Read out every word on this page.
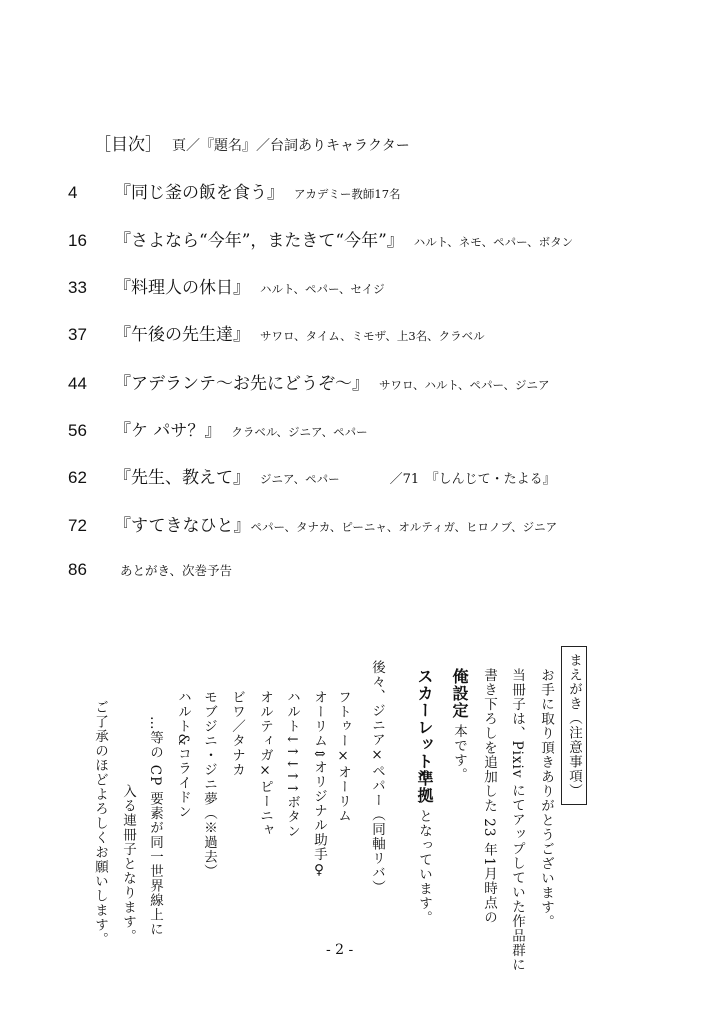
［目次］ 頁／『題名』／台詞ありキャラクター
4	『同じ釜の飯を食う』 アカデミー教師17名
16	『さよなら“今年”，またきて“今年”』 ハルト、ネモ、ペパー、ボタン
33	『料理人の休日』 ハルト、ペパー、セイジ
37	『午後の先生達』 サワロ、タイム、ミモザ、上3名、クラベル
44	『アデランテ～お先にどうぞ～』 サワロ、ハルト、ペパー、ジニア
56	『ケ パサ？』 クラベル、ジニア、ペパー
62	『先生、教えて』 ジニア、ペパー	／71　『しんじて・たよる』
72	『すてきなひと』 ペパー、タナカ、ピーニャ、オルティガ、ヒロノブ、ジニア
86	あとがき、次巻予告
まえがき（注意事項）
お手に取り頂きありがとうございます。
当冊子は、Pixiv にてアップしていた作品群に
書き下ろしを追加した 23 年1月時点の
俺設定 本です。
スカーレット準拠 となっています。
後々、ジニア×ペパー（同軸リバ）
フトゥー×オーリム
オーリム⇕オリジナル助手♀
ハルト↓↑↓↑↑ボタン
オルティガ×ピーニャ
ビワ／タナカ
モブジニ・ジニ夢（※過去）
ハルト&コライドン
…等の CP 要素が同一世界線上に
入る連冊子となります。
ご了承のほどよろしくお願いします。
- 2 -
